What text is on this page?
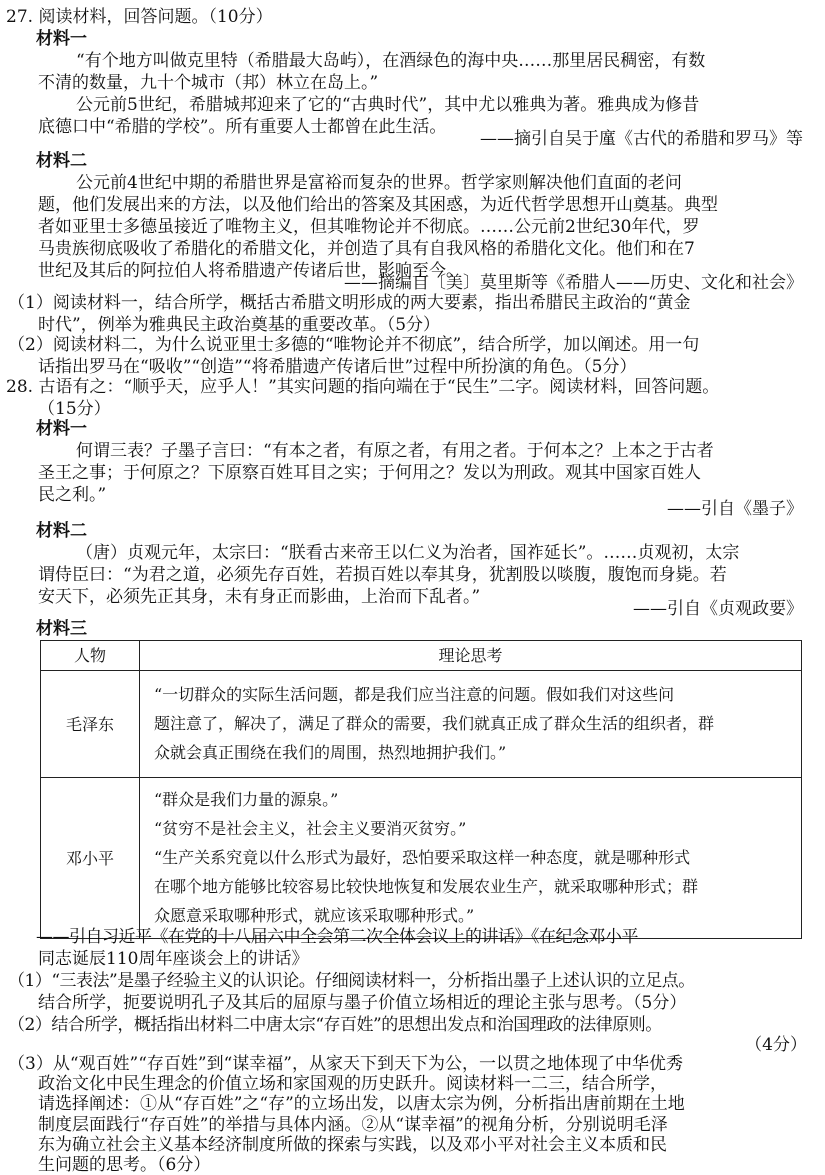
27. 阅读材料，回答问题。（10分）
材料一
“有个地方叫做克里特（希腊最大岛屿），在酒绿色的海中央……那里居民稠密，有数
不清的数量，九十个城市（邦）林立在岛上。”
公元前5世纪，希腊城邦迎来了它的“古典时代”，其中尤以雅典为著。雅典成为修昔
底德口中“希腊的学校”。所有重要人士都曾在此生活。
——摘引自吴于廑《古代的希腊和罗马》等
材料二
公元前4世纪中期的希腊世界是富裕而复杂的世界。哲学家则解决他们直面的老问
题，他们发展出来的方法，以及他们给出的答案及其困惑，为近代哲学思想开山奠基。典型
者如亚里士多德虽接近了唯物主义，但其唯物论并不彻底。……公元前2世纪30年代，罗
马贵族彻底吸收了希腊化的希腊文化，并创造了具有自我风格的希腊化文化。他们和在7
世纪及其后的阿拉伯人将希腊遗产传诸后世，影响至今。
——摘编自〔美〕莫里斯等《希腊人——历史、文化和社会》
（1）阅读材料一，结合所学，概括古希腊文明形成的两大要素，指出希腊民主政治的“黄金
时代”，例举为雅典民主政治奠基的重要改革。（5分）
（2）阅读材料二，为什么说亚里士多德的“唯物论并不彻底”，结合所学，加以阐述。用一句
话指出罗马在“吸收”“创造”“将希腊遗产传诸后世”过程中所扮演的角色。（5分）
28. 古语有之：“顺乎天，应乎人！”其实问题的指向端在于“民生”二字。阅读材料，回答问题。
（15分）
材料一
何谓三表？子墨子言曰：“有本之者，有原之者，有用之者。于何本之？上本之于古者
圣王之事；于何原之？下原察百姓耳目之实；于何用之？发以为刑政。观其中国家百姓人
民之利。”
——引自《墨子》
材料二
（唐）贞观元年，太宗曰：“朕看古来帝王以仁义为治者，国祚延长”。……贞观初，太宗
谓侍臣曰：“为君之道，必须先存百姓，若损百姓以奉其身，犹割股以啖腹，腹饱而身毙。若
安天下，必须先正其身，未有身正而影曲，上治而下乱者。”
——引自《贞观政要》
材料三
人物	理论思考
毛泽东	“一切群众的实际生活问题，都是我们应当注意的问题。假如我们对这些问
题注意了，解决了，满足了群众的需要，我们就真正成了群众生活的组织者，群
众就会真正围绕在我们的周围，热烈地拥护我们。”

邓小平	“群众是我们力量的源泉。”
“贫穷不是社会主义，社会主义要消灭贫穷。”
“生产关系究竟以什么形式为最好，恐怕要采取这样一种态度，就是哪种形式
在哪个地方能够比较容易比较快地恢复和发展农业生产，就采取哪种形式；群
众愿意采取哪种形式，就应该采取哪种形式。”
——引自习近平《在党的十八届六中全会第二次全体会议上的讲话》《在纪念邓小平
同志诞辰110周年座谈会上的讲话》
（1）“三表法”是墨子经验主义的认识论。仔细阅读材料一，分析指出墨子上述认识的立足点。
结合所学，扼要说明孔子及其后的屈原与墨子价值立场相近的理论主张与思考。（5分）
（2）结合所学，概括指出材料二中唐太宗“存百姓”的思想出发点和治国理政的法律原则。
（4分）
（3）从“观百姓”“存百姓”到“谋幸福”，从家天下到天下为公，一以贯之地体现了中华优秀
政治文化中民生理念的价值立场和家国观的历史跃升。阅读材料一二三，结合所学，
请选择阐述：①从“存百姓”之“存”的立场出发，以唐太宗为例，分析指出唐前期在土地
制度层面践行“存百姓”的举措与具体内涵。②从“谋幸福”的视角分析，分别说明毛泽
东为确立社会主义基本经济制度所做的探索与实践，以及邓小平对社会主义本质和民
生问题的思考。（6分）
